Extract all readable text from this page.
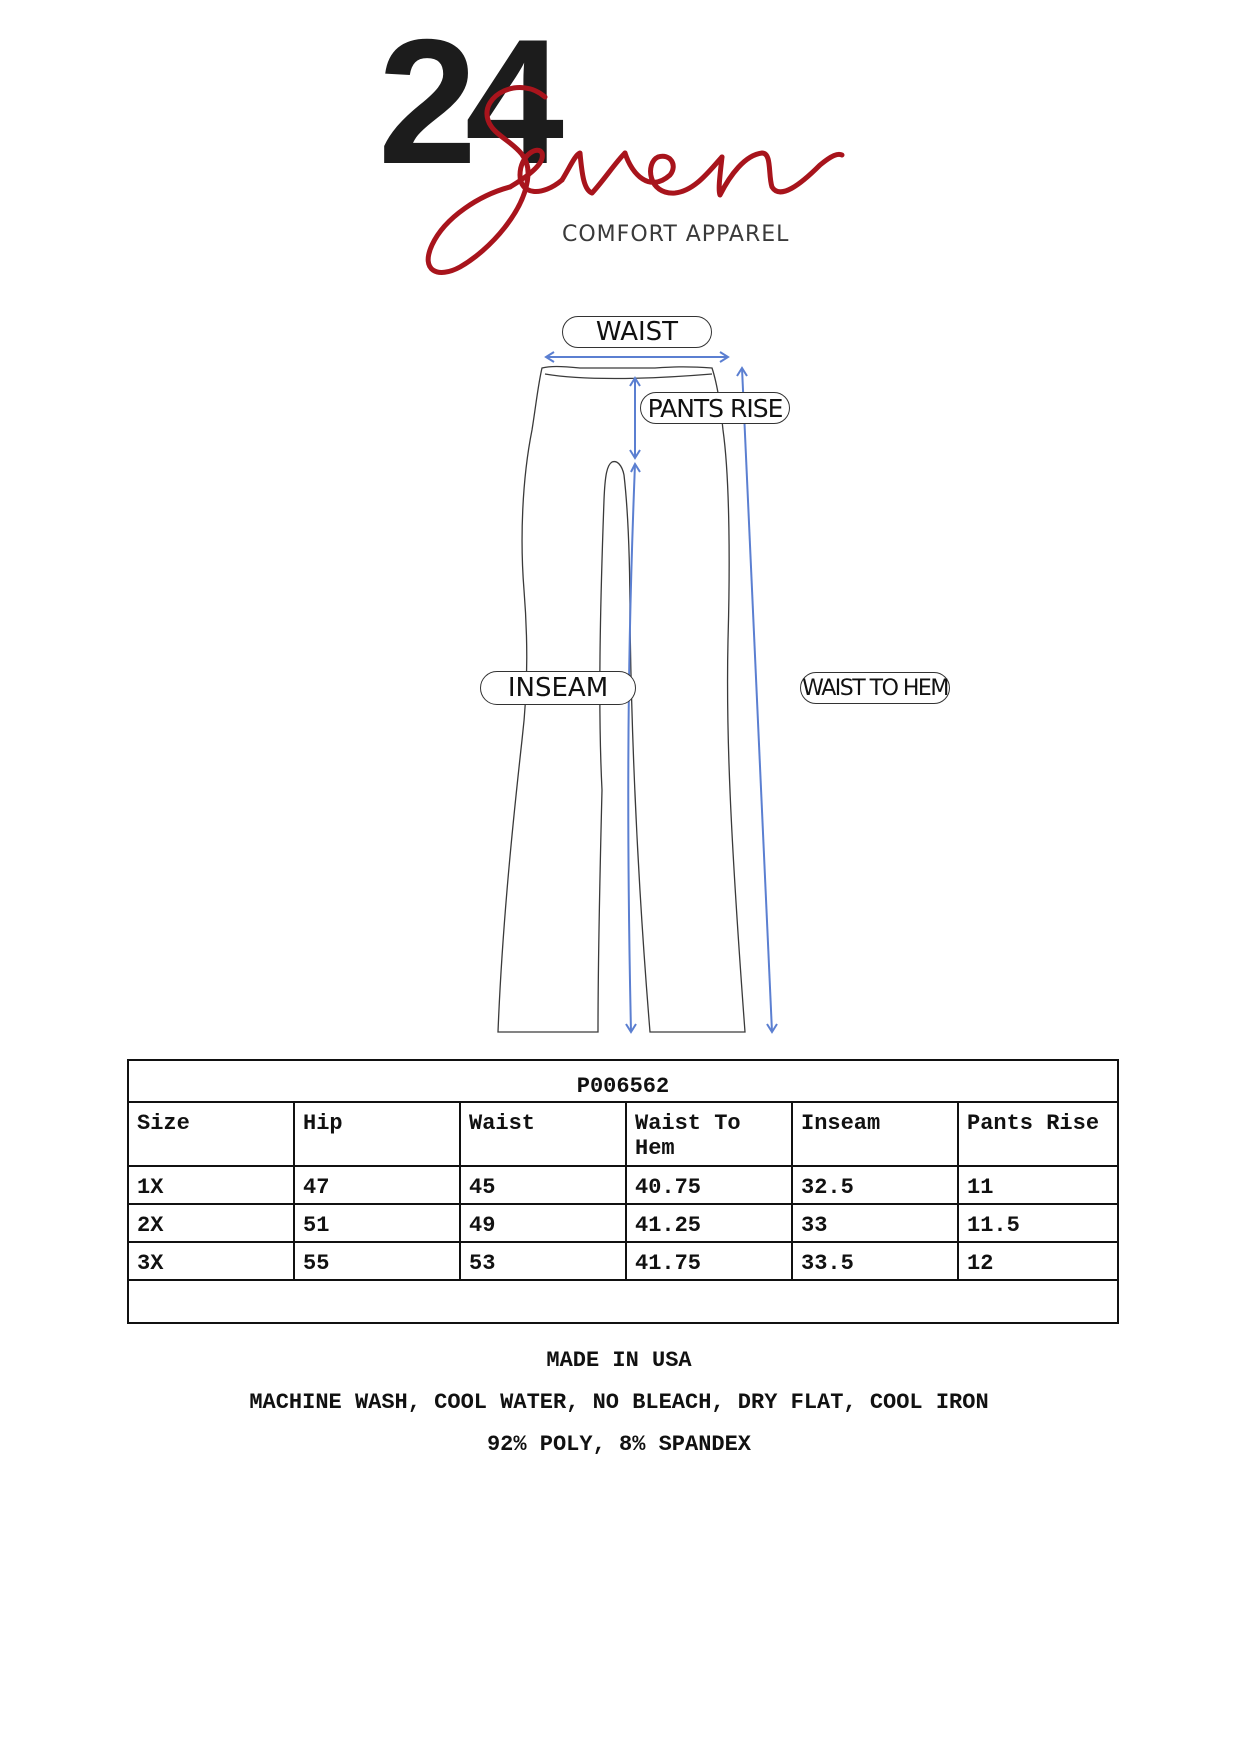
24
COMFORT APPAREL
WAIST
PANTS RISE
INSEAM	WAIST TO HEM
P006562					
Size	Hip	Waist	Waist To Hem	Inseam	Pants Rise
1X	47	45	40.75	32.5	11
2X	51	49	41.25	33	11.5
3X	55	53	41.75	33.5	12

MADE IN USA
MACHINE WASH, COOL WATER, NO BLEACH, DRY FLAT, COOL IRON
92% POLY, 8% SPANDEX
